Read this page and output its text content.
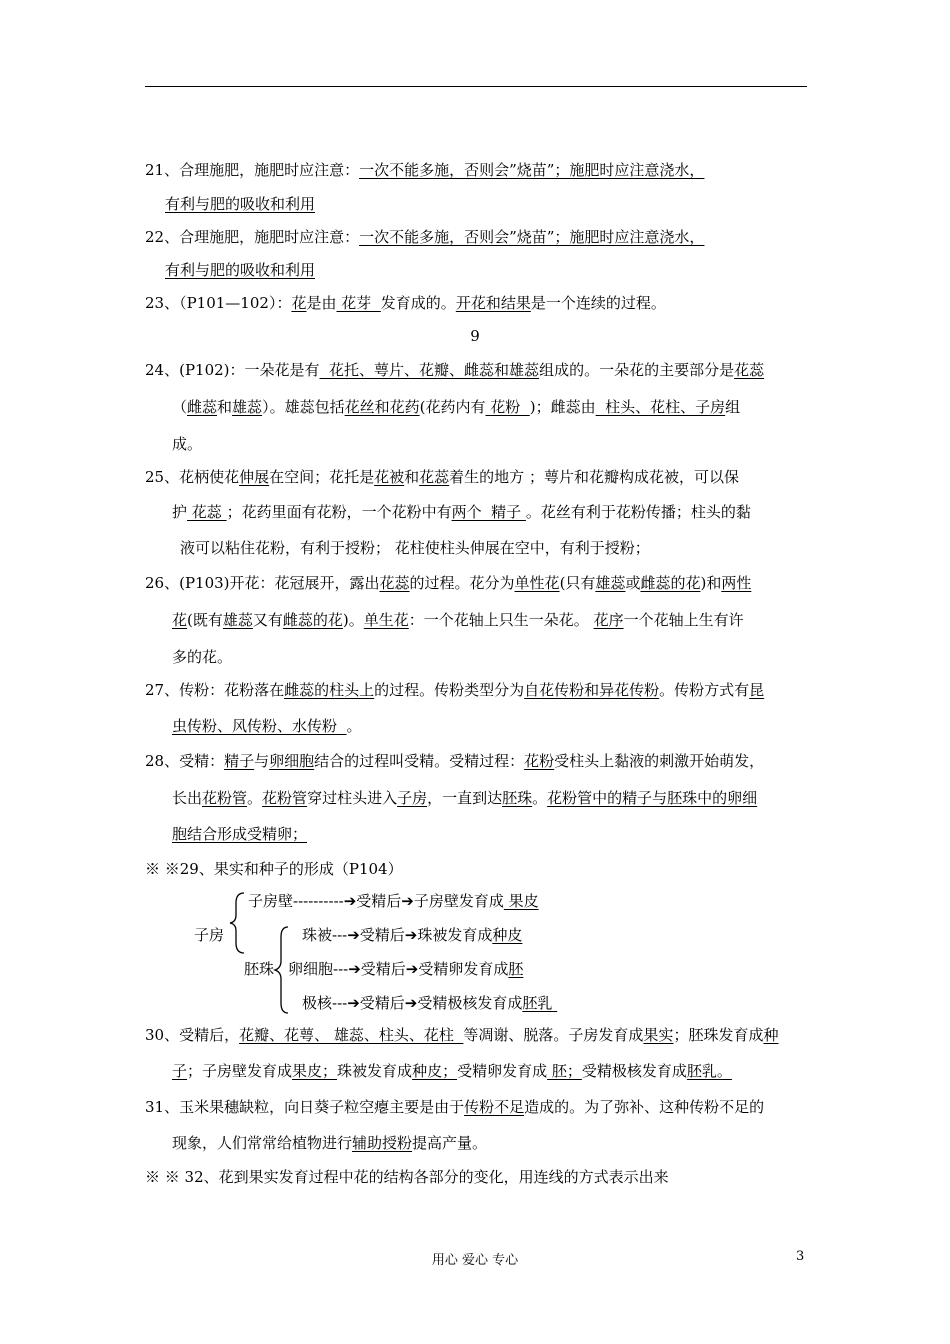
21、合理施肥，施肥时应注意：一次不能多施，否则会”烧苗”；施肥时应注意浇水，
有利与肥的吸收和利用
22、合理施肥，施肥时应注意：一次不能多施，否则会”烧苗”；施肥时应注意浇水，
有利与肥的吸收和利用
23、（P101—102）：花是由 花芽  发育成的。开花和结果是一个连续的过程。
9
24、(P102)：一朵花是有  花托、萼片、花瓣、雌蕊和雄蕊组成的。一朵花的主要部分是花蕊
（雌蕊和雄蕊）。雄蕊包括花丝和花药(花药内有 花粉  )；雌蕊由  柱头、花柱、子房组
成。
25、花柄使花伸展在空间；花托是花被和花蕊着生的地方 ；萼片和花瓣构成花被，可以保
护 花蕊 ；花药里面有花粉，一个花粉中有两个  精子 。花丝有利于花粉传播；柱头的黏
液可以粘住花粉，有利于授粉； 花柱使柱头伸展在空中，有利于授粉；
26、(P103)开花：花冠展开，露出花蕊的过程。花分为单性花(只有雄蕊或雌蕊的花)和两性
花(既有雄蕊又有雌蕊的花)。单生花：一个花轴上只生一朵花。 花序一个花轴上生有许
多的花。
27、传粉：花粉落在雌蕊的柱头上的过程。传粉类型分为自花传粉和异花传粉。传粉方式有昆
虫传粉、风传粉、水传粉  。
28、受精：精子与卵细胞结合的过程叫受精。受精过程：花粉受柱头上黏液的刺激开始萌发，
长出花粉管。花粉管穿过柱头进入子房，一直到达胚珠。花粉管中的精子与胚珠中的卵细
胞结合形成受精卵；
※ ※29、果实和种子的形成（P104）
子房
子房壁----------➔受精后➔子房壁发育成 果皮
胚珠
珠被---➔受精后➔珠被发育成种皮
卵细胞---➔受精后➔受精卵发育成胚
极核---➔受精后➔受精极核发育成胚乳
30、受精后，花瓣、花萼、 雄蕊、柱头、花柱  等凋谢、脱落。子房发育成果实；胚珠发育成种
子；子房壁发育成果皮；珠被发育成种皮；受精卵发育成 胚；受精极核发育成胚乳。
31、玉米果穗缺粒，向日葵子粒空瘪主要是由于传粉不足造成的。为了弥补、这种传粉不足的
现象，人们常常给植物进行辅助授粉提高产量。
※ ※ 32、花到果实发育过程中花的结构各部分的变化，用连线的方式表示出来
用心 爱心 专心	3
